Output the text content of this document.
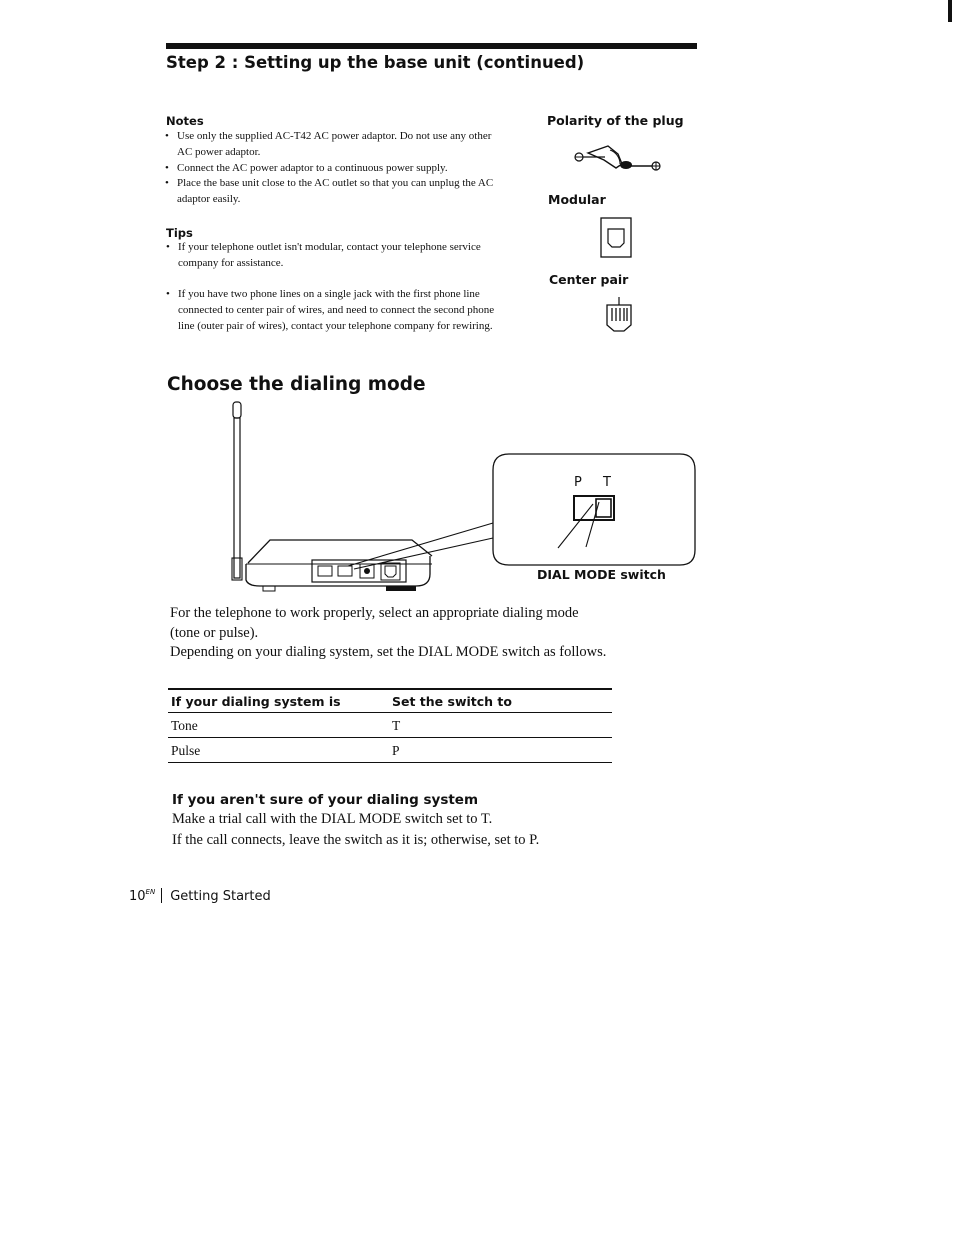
Step 2 : Setting up the base unit (continued)
Notes
• Use only the supplied AC-T42 AC power adaptor. Do not use any other AC power adaptor.
• Connect the AC power adaptor to a continuous power supply.
• Place the base unit close to the AC outlet so that you can unplug the AC adaptor easily.
Tips
• If your telephone outlet isn't modular, contact your telephone service company for assistance.
• If you have two phone lines on a single jack with the first phone line connected to center pair of wires, and need to connect the second phone line (outer pair of wires), contact your telephone company for rewiring.
Polarity of the plug
Modular
Center pair
Choose the dialing mode
P T
DIAL MODE switch
For the telephone to work properly, select an appropriate dialing mode (tone or pulse).
Depending on your dialing system, set the DIAL MODE switch as follows.
If your dialing system is	Set the switch to
Tone	T
Pulse	P
If you aren't sure of your dialing system
Make a trial call with the DIAL MODE switch set to T.
If the call connects, leave the switch as it is; otherwise, set to P.
$10^{EN}$ Getting Started
